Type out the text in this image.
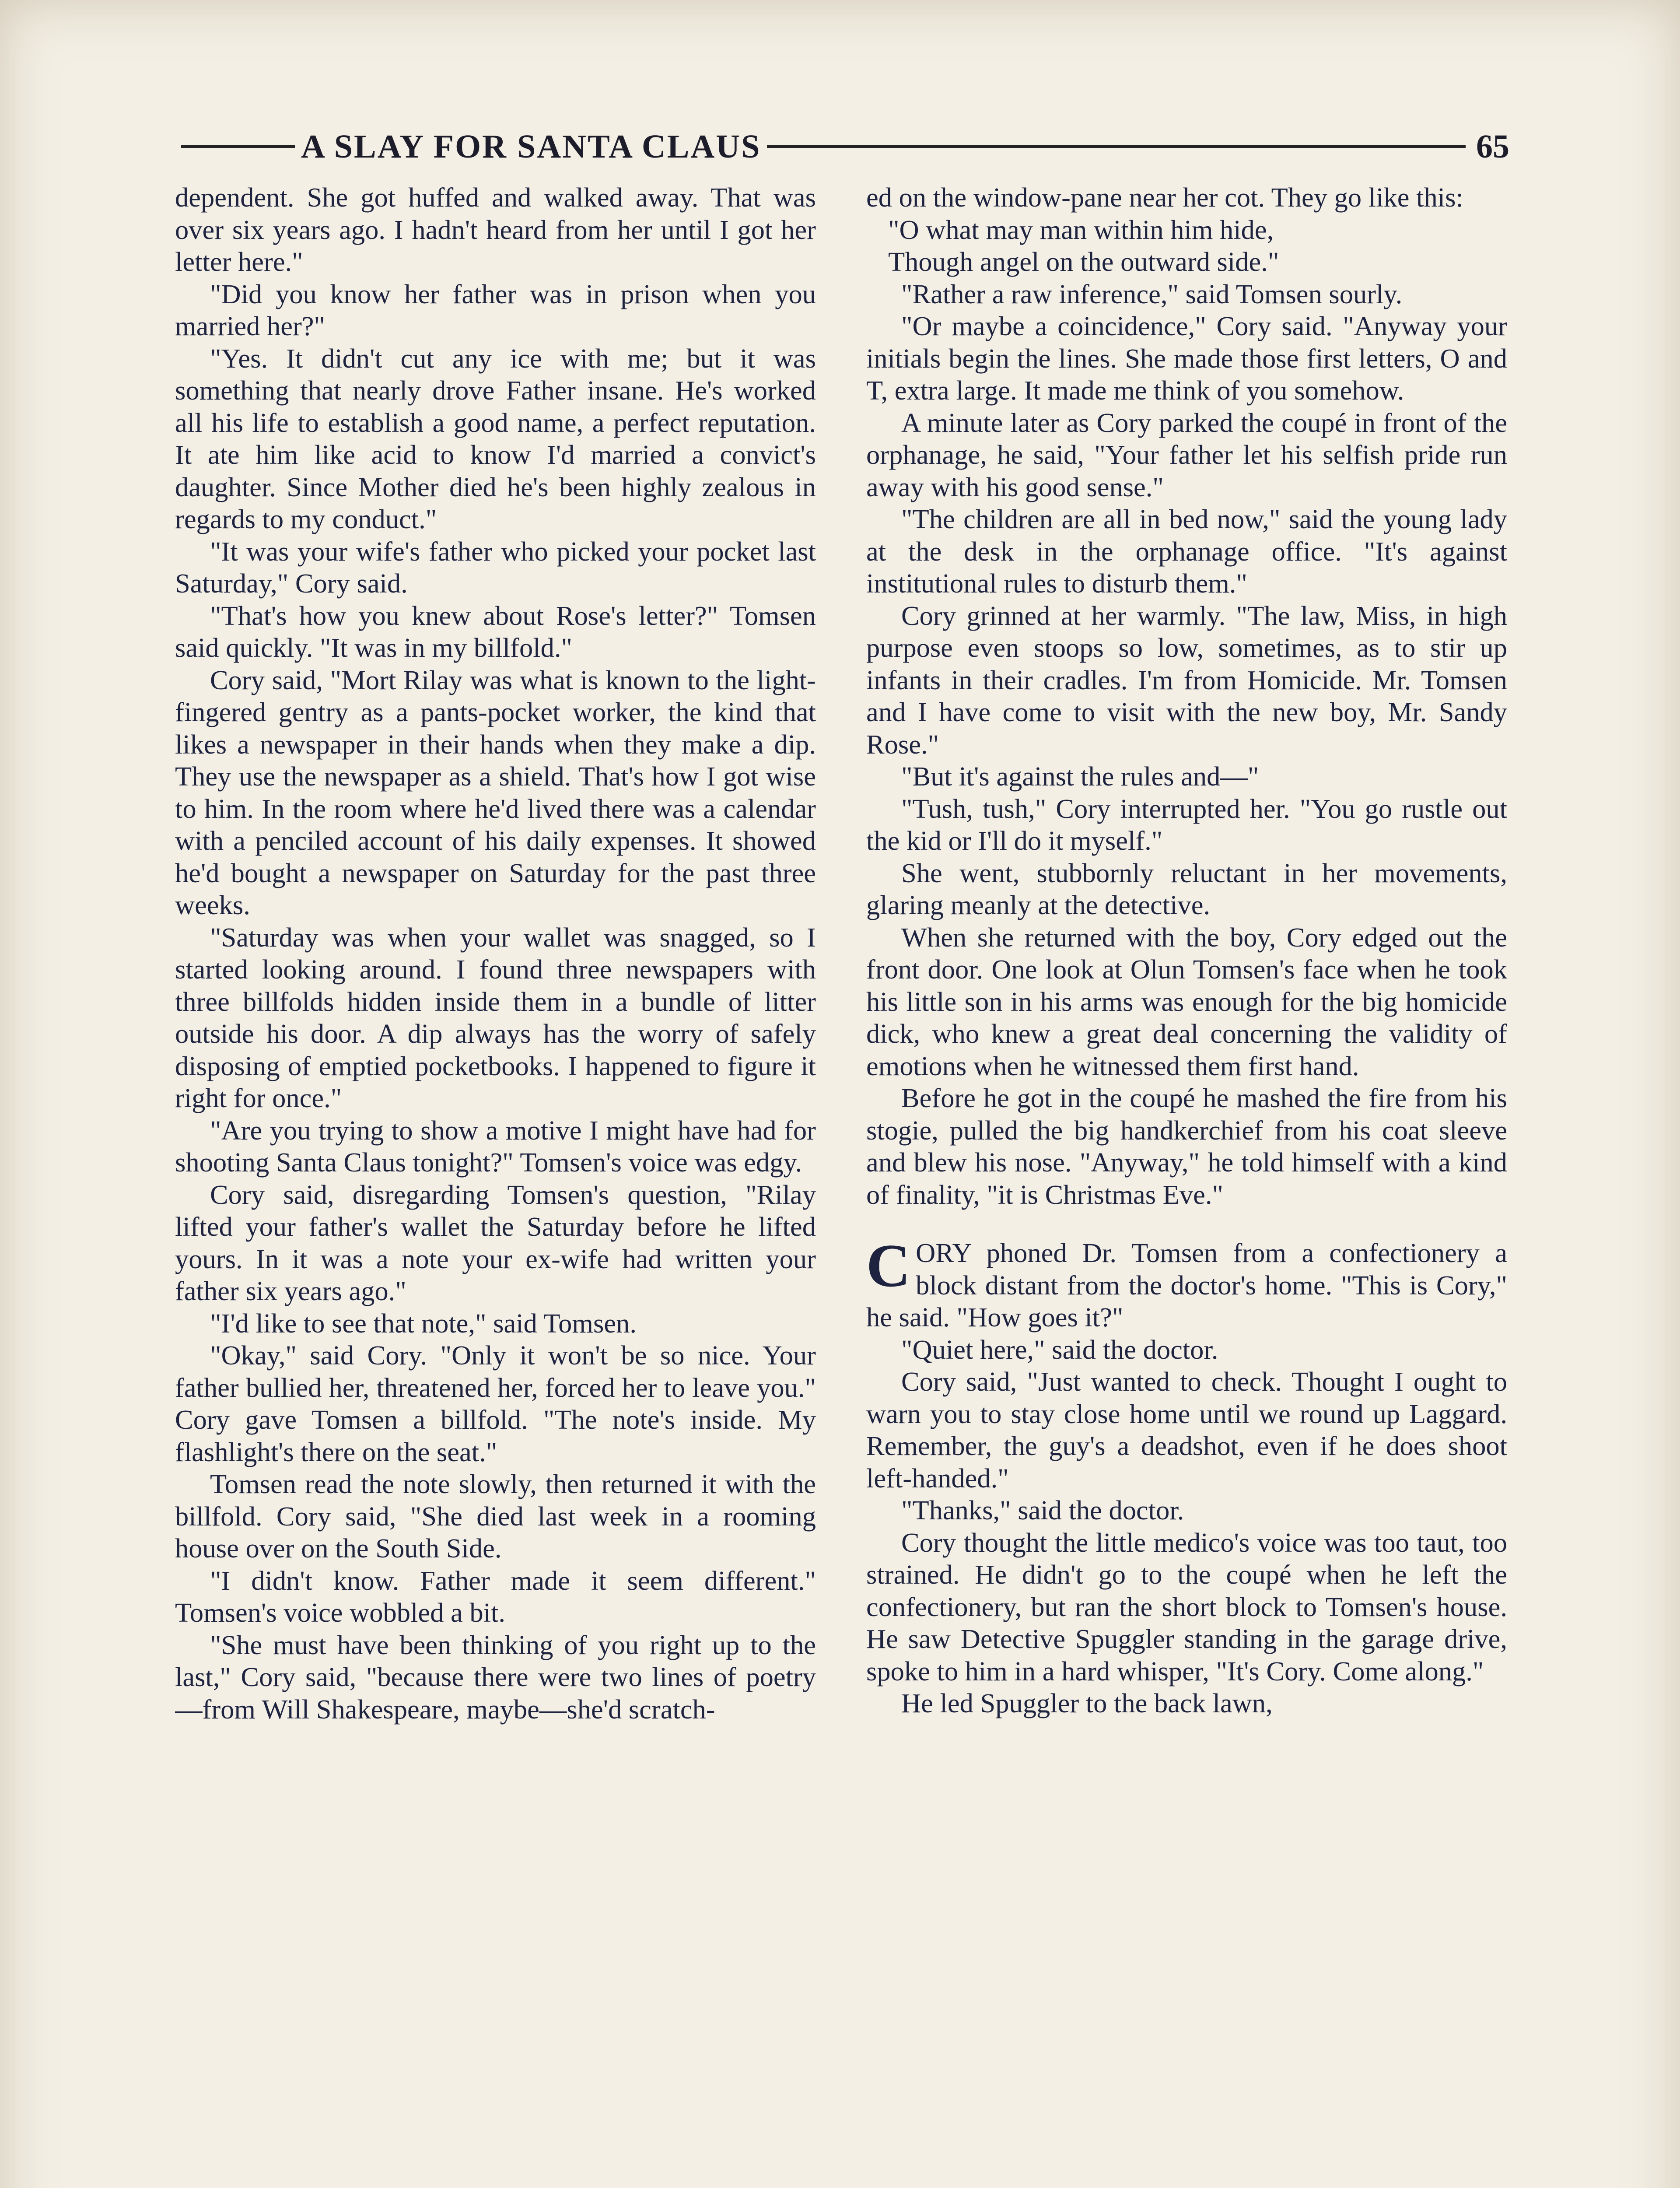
A SLAY FOR SANTA CLAUS	65

dependent. She got huffed and walked away. That was over six years ago. I hadn't heard from her until I got her letter here."

"Did you know her father was in prison when you married her?"

"Yes. It didn't cut any ice with me; but it was something that nearly drove Father insane. He's worked all his life to establish a good name, a perfect reputation. It ate him like acid to know I'd married a convict's daughter. Since Mother died he's been highly zealous in regards to my conduct."

"It was your wife's father who picked your pocket last Saturday," Cory said.

"That's how you knew about Rose's letter?" Tomsen said quickly. "It was in my billfold."

Cory said, "Mort Rilay was what is known to the light-fingered gentry as a pants-pocket worker, the kind that likes a newspaper in their hands when they make a dip. They use the newspaper as a shield. That's how I got wise to him. In the room where he'd lived there was a calendar with a penciled account of his daily expenses. It showed he'd bought a newspaper on Saturday for the past three weeks.

"Saturday was when your wallet was snagged, so I started looking around. I found three newspapers with three billfolds hidden inside them in a bundle of litter outside his door. A dip always has the worry of safely disposing of emptied pocketbooks. I happened to figure it right for once."

"Are you trying to show a motive I might have had for shooting Santa Claus tonight?" Tomsen's voice was edgy.

Cory said, disregarding Tomsen's question, "Rilay lifted your father's wallet the Saturday before he lifted yours. In it was a note your ex-wife had written your father six years ago."

"I'd like to see that note," said Tomsen.

"Okay," said Cory. "Only it won't be so nice. Your father bullied her, threatened her, forced her to leave you." Cory gave Tomsen a billfold. "The note's inside. My flashlight's there on the seat."

Tomsen read the note slowly, then returned it with the billfold. Cory said, "She died last week in a rooming house over on the South Side.

"I didn't know. Father made it seem different." Tomsen's voice wobbled a bit.

"She must have been thinking of you right up to the last," Cory said, "because there were two lines of poetry—from Will Shakespeare, maybe—she'd scratch-

ed on the window-pane near her cot. They go like this:

"O what may man within him hide,

Though angel on the outward side."

"Rather a raw inference," said Tomsen sourly.

"Or maybe a coincidence," Cory said. "Anyway your initials begin the lines. She made those first letters, O and T, extra large. It made me think of you somehow.

A minute later as Cory parked the coupé in front of the orphanage, he said, "Your father let his selfish pride run away with his good sense."

"The children are all in bed now," said the young lady at the desk in the orphanage office. "It's against institutional rules to disturb them."

Cory grinned at her warmly. "The law, Miss, in high purpose even stoops so low, sometimes, as to stir up infants in their cradles. I'm from Homicide. Mr. Tomsen and I have come to visit with the new boy, Mr. Sandy Rose."

"But it's against the rules and—"

"Tush, tush," Cory interrupted her. "You go rustle out the kid or I'll do it myself."

She went, stubbornly reluctant in her movements, glaring meanly at the detective.

When she returned with the boy, Cory edged out the front door. One look at Olun Tomsen's face when he took his little son in his arms was enough for the big homicide dick, who knew a great deal concerning the validity of emotions when he witnessed them first hand.

Before he got in the coupé he mashed the fire from his stogie, pulled the big handkerchief from his coat sleeve and blew his nose. "Anyway," he told himself with a kind of finality, "it is Christmas Eve."

CORY phoned Dr. Tomsen from a confectionery a block distant from the doctor's home. "This is Cory," he said. "How goes it?"

"Quiet here," said the doctor.

Cory said, "Just wanted to check. Thought I ought to warn you to stay close home until we round up Laggard. Remember, the guy's a deadshot, even if he does shoot left-handed."

"Thanks," said the doctor.

Cory thought the little medico's voice was too taut, too strained. He didn't go to the coupé when he left the confectionery, but ran the short block to Tomsen's house. He saw Detective Spuggler standing in the garage drive, spoke to him in a hard whisper, "It's Cory. Come along."

He led Spuggler to the back lawn,
